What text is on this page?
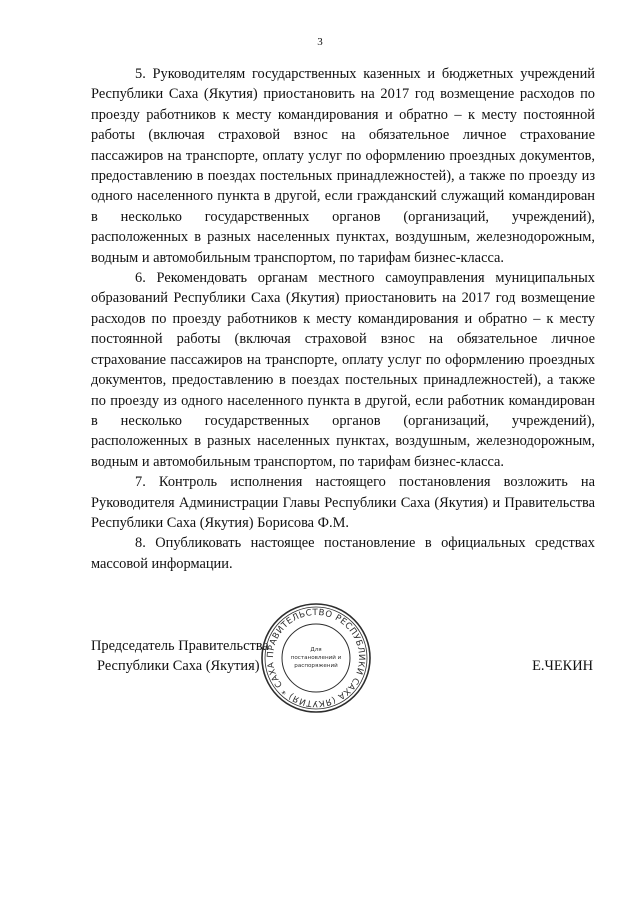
3

5. Руководителям государственных казенных и бюджетных учреждений Республики Саха (Якутия) приостановить на 2017 год возмещение расходов по проезду работников к месту командирования и обратно – к месту постоянной работы (включая страховой взнос на обязательное личное страхование пассажиров на транспорте, оплату услуг по оформлению проездных документов, предоставлению в поездах постельных принадлежностей), а также по проезду из одного населенного пункта в другой, если гражданский служащий командирован в несколько государственных органов (организаций, учреждений), расположенных в разных населенных пунктах, воздушным, железнодорожным, водным и автомобильным транспортом, по тарифам бизнес-класса.

6. Рекомендовать органам местного самоуправления муниципальных образований Республики Саха (Якутия) приостановить на 2017 год возмещение расходов по проезду работников к месту командирования и обратно – к месту постоянной работы (включая страховой взнос на обязательное личное страхование пассажиров на транспорте, оплату услуг по оформлению проездных документов, предоставлению в поездах постельных принадлежностей), а также по проезду из одного населенного пункта в другой, если работник командирован в несколько государственных органов (организаций, учреждений), расположенных в разных населенных пунктах, воздушным, железнодорожным, водным и автомобильным транспортом, по тарифам бизнес-класса.

7. Контроль исполнения настоящего постановления возложить на Руководителя Администрации Главы Республики Саха (Якутия) и Правительства Республики Саха (Якутия) Борисова Ф.М.

8. Опубликовать настоящее постановление в официальных средствах массовой информации.

Председатель Правительства
Республики Саха (Якутия)	Е.ЧЕКИН
ПРАВИТЕЛЬСТВО РЕСПУБЛИКИ САХА (ЯКУТИЯ) * САХА
Для
постановлений и
распоряжений
